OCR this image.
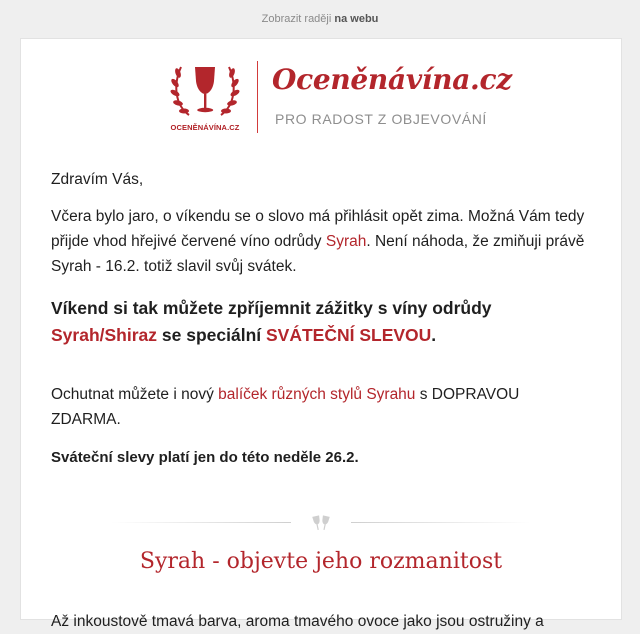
Zobrazit raději na webu
OCENĚNÁVÍNA.CZ
Oceněnávína.cz
PRO RADOST Z OBJEVOVÁNÍ

Zdravím Vás,

Včera bylo jaro, o víkendu se o slovo má přihlásit opět zima. Možná Vám tedy přijde vhod hřejivé červené víno odrůdy Syrah. Není náhoda, že zmiňuji právě Syrah - 16.2. totiž slavil svůj svátek.

Víkend si tak můžete zpříjemnit zážitky s víny odrůdy Syrah/Shiraz se speciální SVÁTEČNÍ SLEVOU.

Ochutnat můžete i nový balíček různých stylů Syrahu s DOPRAVOU ZDARMA.

Sváteční slevy platí jen do této neděle 26.2.

Syrah - objevte jeho rozmanitost

Až inkoustově tmavá barva, aroma tmavého ovoce jako jsou ostružiny a
